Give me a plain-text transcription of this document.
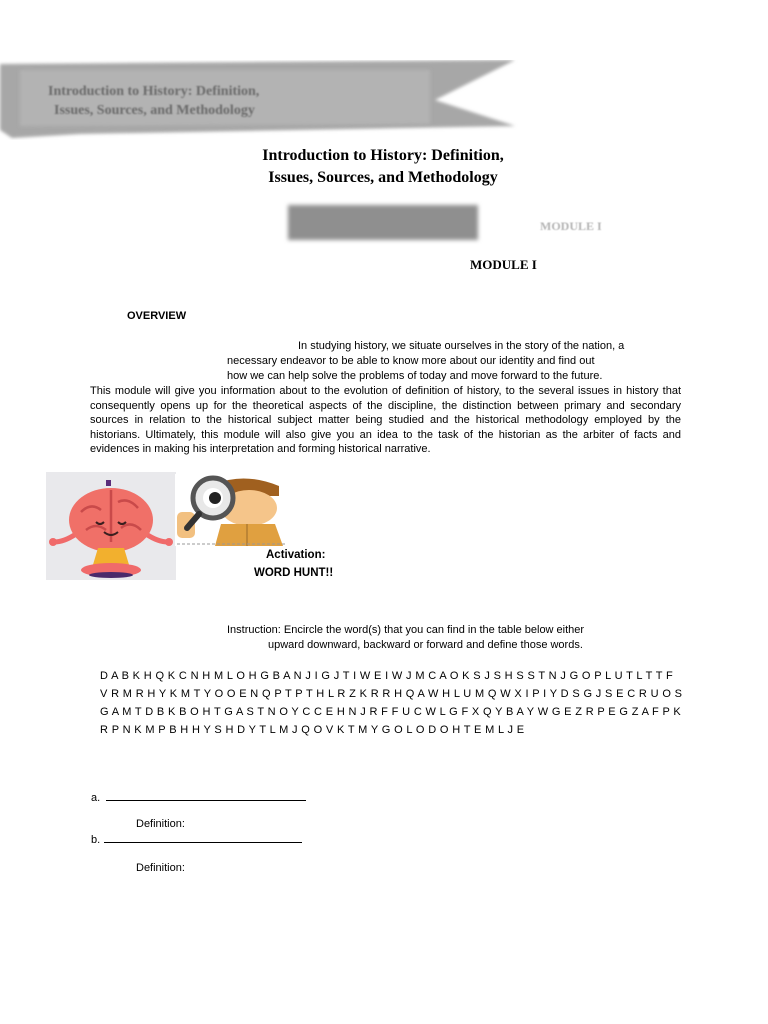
Introduction to History: Definition,
Issues, Sources, and Methodology
Introduction to History: Definition,
Issues, Sources, and Methodology
MODULE I
MODULE I
OVERVIEW
In studying history, we situate ourselves in the story of the nation, a
necessary endeavor to be able to know more about our identity and find out
how we can help solve the problems of today and move forward to the future.
This module will give you information about to the evolution of definition of history, to the several issues in history that consequently opens up for the theoretical aspects of the discipline, the distinction between primary and secondary sources in relation to the historical subject matter being studied and the historical methodology employed by the historians. Ultimately, this module will also give you an idea to the task of the historian as the arbiter of facts and evidences in making his interpretation and forming historical narrative.
Activation:
WORD HUNT!!
Instruction: Encircle the word(s) that you can find in the table below either
upward downward, backward or forward and define those words.
D A B K H Q K C N H M L O H G B A N J I G J T I W E I W J M C A O K S J S H S S T N J G O P L U T L T T F
V R M R H Y K M T Y O O E N Q P T P T H L R Z K R R H Q A W H L U M Q W X I P I Y D S G J S E C R U O S
G A M T D B K B O H T G A S T N O Y C C E H N J R F F U C W L G F X Q Y B A Y W G E Z R P E G Z A F P K
R P N K M P B H H Y S H D Y T L M J Q O V K T M Y G O L O D O H T E M L J E
a.
Definition:
b.
Definition:
